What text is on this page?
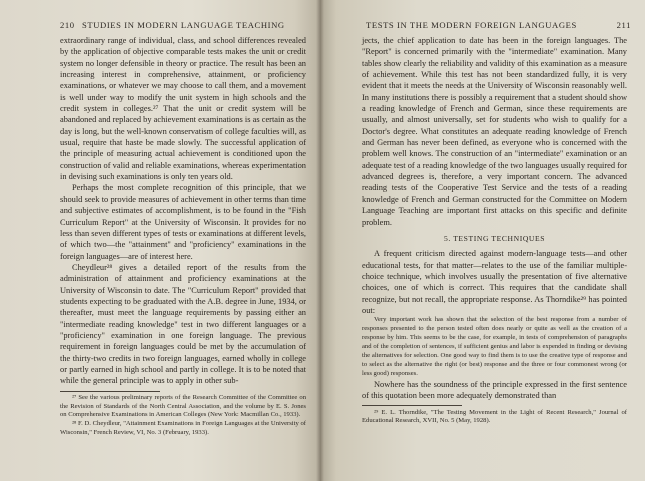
210 STUDIES IN MODERN LANGUAGE TEACHING

extraordinary range of individual, class, and school differences revealed by the application of objective comparable tests makes the unit or credit system no longer defensible in theory or practice. The result has been an increasing interest in comprehensive, attainment, or proficiency examinations, or whatever we may choose to call them, and a movement is well under way to modify the unit system in high schools and the credit system in colleges.²⁷ That the unit or credit system will be abandoned and replaced by achievement examinations is as certain as the day is long, but the well-known conservatism of college faculties will, as usual, require that haste be made slowly. The successful application of the principle of measuring actual achievement is conditioned upon the construction of valid and reliable examinations, whereas experimentation in devising such examinations is only ten years old.

Perhaps the most complete recognition of this principle, that we should seek to provide measures of achievement in other terms than time and subjective estimates of accomplishment, is to be found in the "Fish Curriculum Report" at the University of Wisconsin. It provides for no less than seven different types of tests or examinations at different levels, of which two—the "attainment" and "proficiency" examinations in the foreign languages—are of interest here.

Cheydleur²⁸ gives a detailed report of the results from the administration of attainment and proficiency examinations at the University of Wisconsin to date. The "Curriculum Report" provided that students expecting to be graduated with the A.B. degree in June, 1934, or thereafter, must meet the language requirements by passing either an "intermediate reading knowledge" test in two different languages or a "proficiency" examination in one foreign language. The previous requirement in foreign languages could be met by the accumulation of the thirty-two credits in two foreign languages, earned wholly in college or partly earned in high school and partly in college. It is to be noted that while the general principle was to apply in other sub-

²⁷ See the various preliminary reports of the Research Committee of the Committee on the Revision of Standards of the North Central Association, and the volume by E. S. Jones on Comprehensive Examinations in American Colleges (New York: Macmillan Co., 1933).

²⁸ F. D. Cheydleur, "Attainment Examinations in Foreign Languages at the University of Wisconsin," French Review, VI, No. 3 (February, 1933).

TESTS IN THE MODERN FOREIGN LANGUAGES	211

jects, the chief application to date has been in the foreign languages. The "Report" is concerned primarily with the "intermediate" examination. Many tables show clearly the reliability and validity of this examination as a measure of achievement. While this test has not been standardized fully, it is very evident that it meets the needs at the University of Wisconsin reasonably well. In many institutions there is possibly a requirement that a student should show a reading knowledge of French and German, since these requirements are usually, and almost universally, set for students who wish to qualify for a Doctor's degree. What constitutes an adequate reading knowledge of French and German has never been defined, as everyone who is concerned with the problem well knows. The construction of an "intermediate" examination or an adequate test of a reading knowledge of the two languages usually required for advanced degrees is, therefore, a very important concern. The advanced reading tests of the Cooperative Test Service and the tests of a reading knowledge of French and German constructed for the Committee on Modern Language Teaching are important first attacks on this specific and definite problem.

5. TESTING TECHNIQUES

A frequent criticism directed against modern-language tests—and other educational tests, for that matter—relates to the use of the familiar multiple-choice technique, which involves usually the presentation of five alternative choices, one of which is correct. This requires that the candidate shall recognize, but not recall, the appropriate response. As Thorndike²⁹ has pointed out:

Very important work has shown that the selection of the best response from a number of responses presented to the person tested often does nearly or quite as well as the creation of a response by him. This seems to be the case, for example, in tests of comprehension of paragraphs and of the completion of sentences, if sufficient genius and labor is expended in finding or devising the alternatives for selection. One good way to find them is to use the creative type of response and to select as the alternative the right (or best) response and the three or four commonest wrong (or less good) responses.

Nowhere has the soundness of the principle expressed in the first sentence of this quotation been more adequately demonstrated than

²⁹ E. L. Thorndike, "The Testing Movement in the Light of Recent Research," Journal of Educational Research, XVII, No. 5 (May, 1928).
